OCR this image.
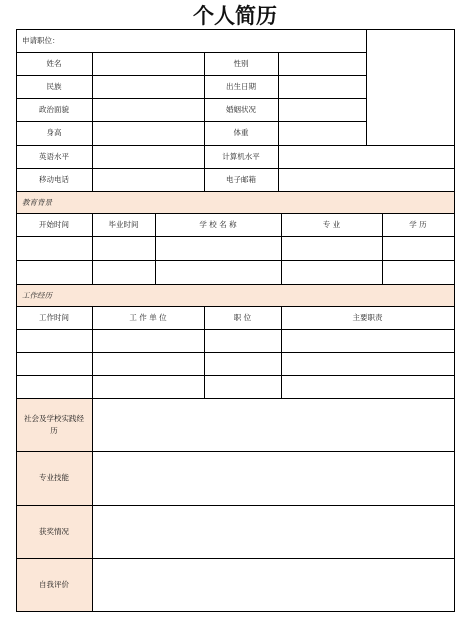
个人简历
教育背景
工作经历
社会及学校实践经历
专业技能
获奖情况
自我评价
申请职位：
姓名	性别
民族	出生日期
政治面貌	婚姻状况
身高	体重
英语水平	计算机水平
移动电话	电子邮箱
开始时间	毕业时间	学 校 名 称	专 业	学 历
工作时间	工 作 单 位	职 位	主要职责
